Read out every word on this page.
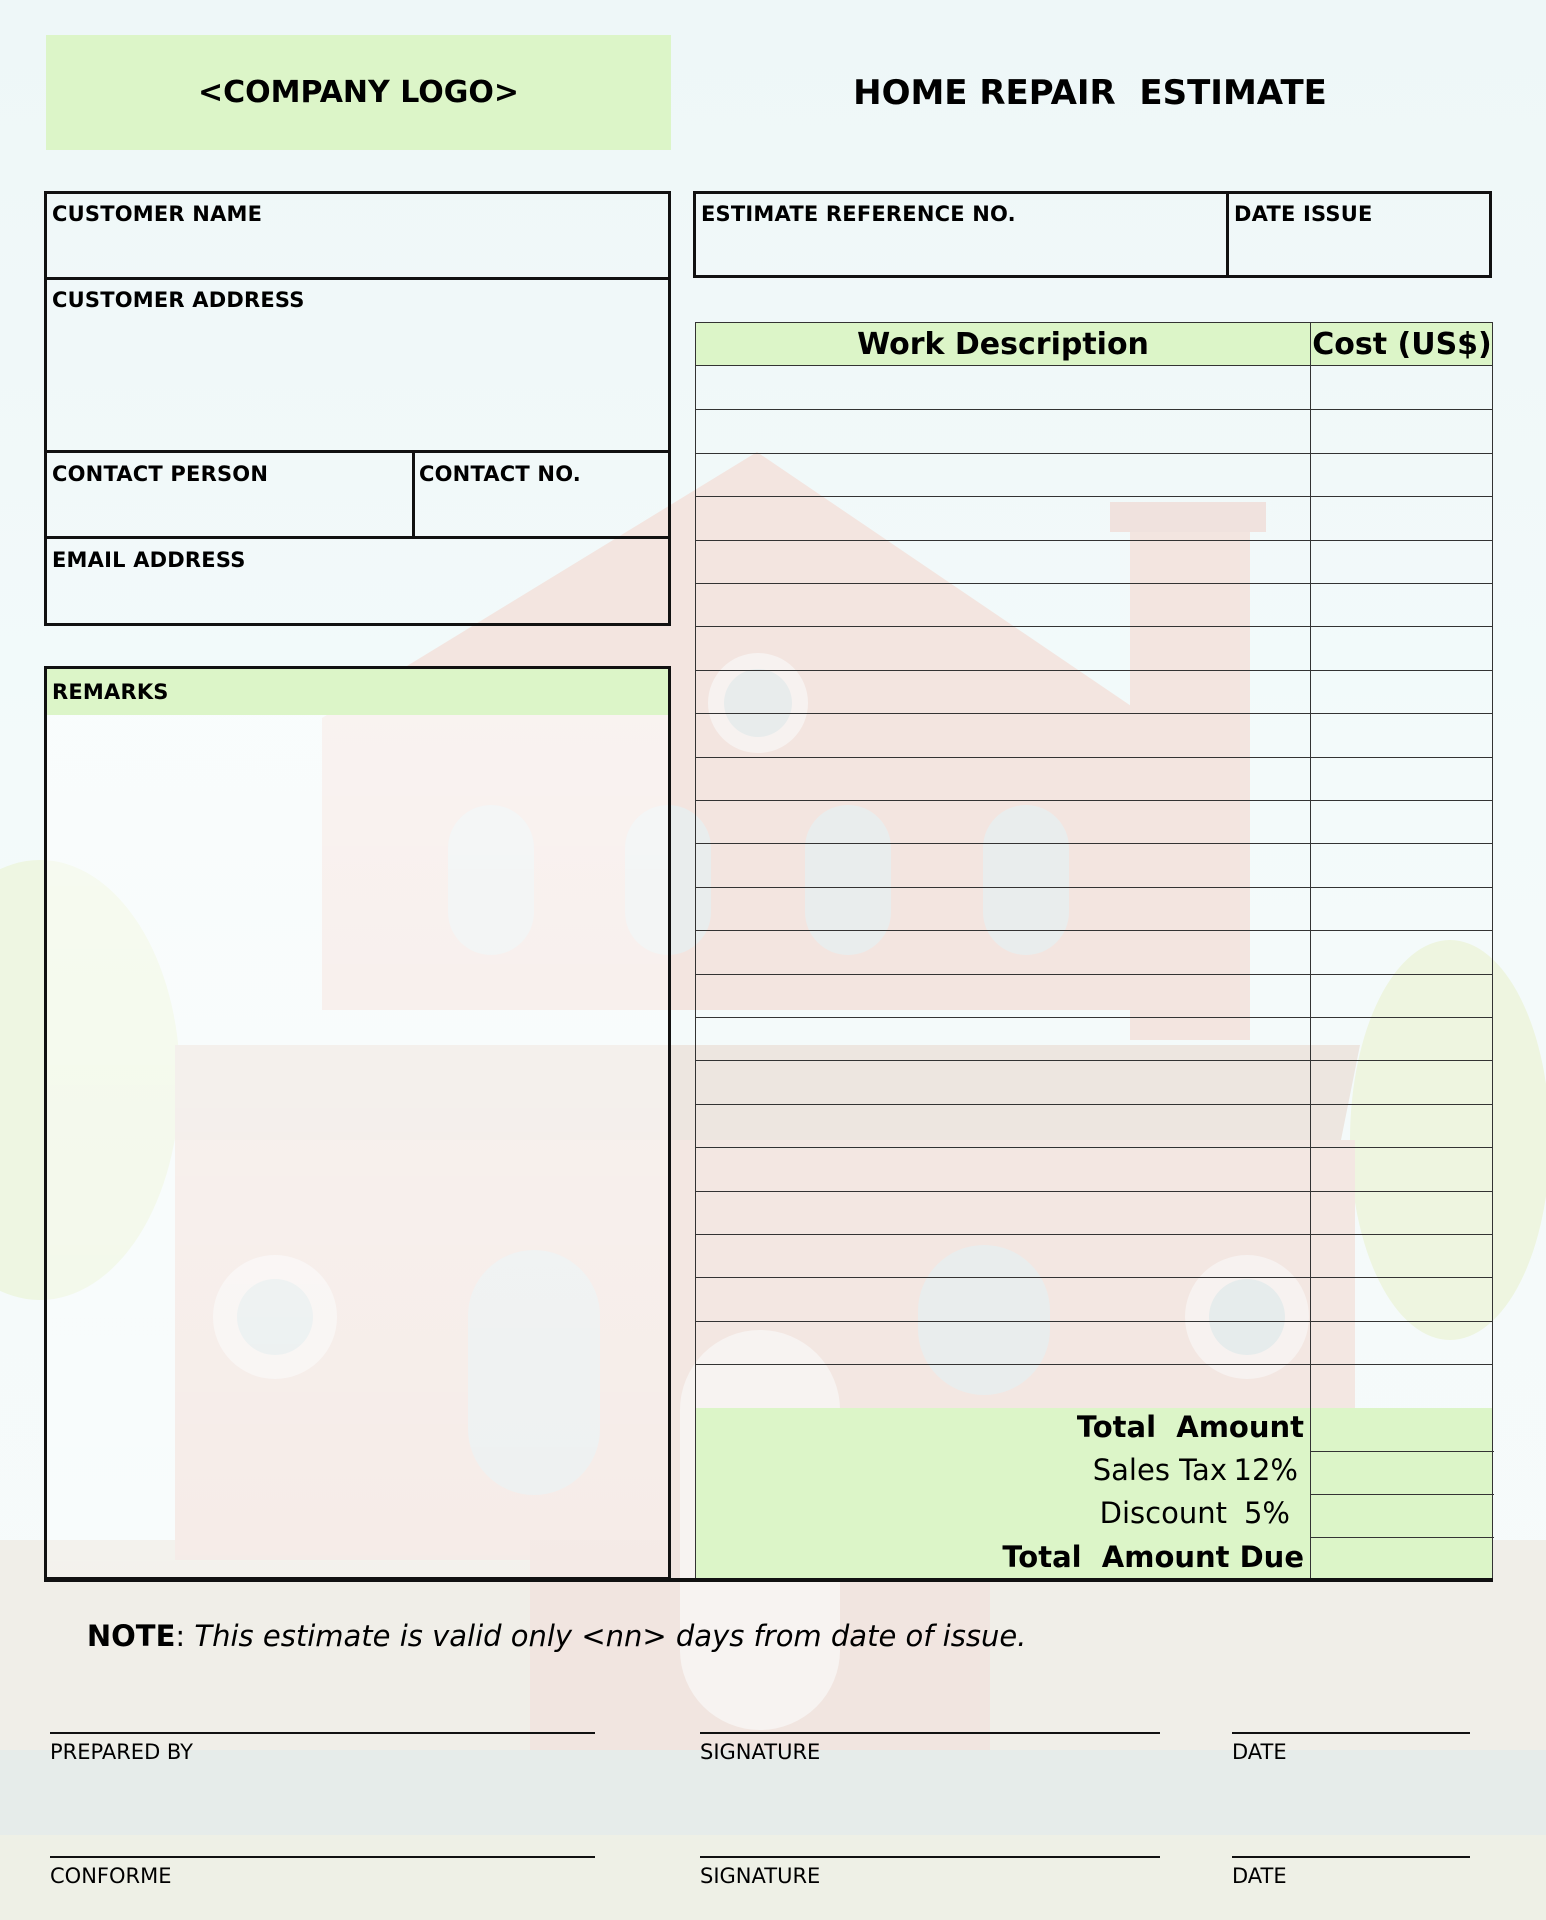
<COMPANY LOGO>	HOME REPAIR  ESTIMATE
CUSTOMER NAME
CUSTOMER ADDRESS
CONTACT PERSON	CONTACT NO.
EMAIL ADDRESS
ESTIMATE REFERENCE NO.	DATE ISSUE
REMARKS
Work Description	Cost (US$)
Total  Amount
Sales Tax 12%
Discount 5%
Total  Amount Due

NOTE: This estimate is valid only <nn> days from date of issue.

PREPARED BY	SIGNATURE	DATE
CONFORME	SIGNATURE	DATE
